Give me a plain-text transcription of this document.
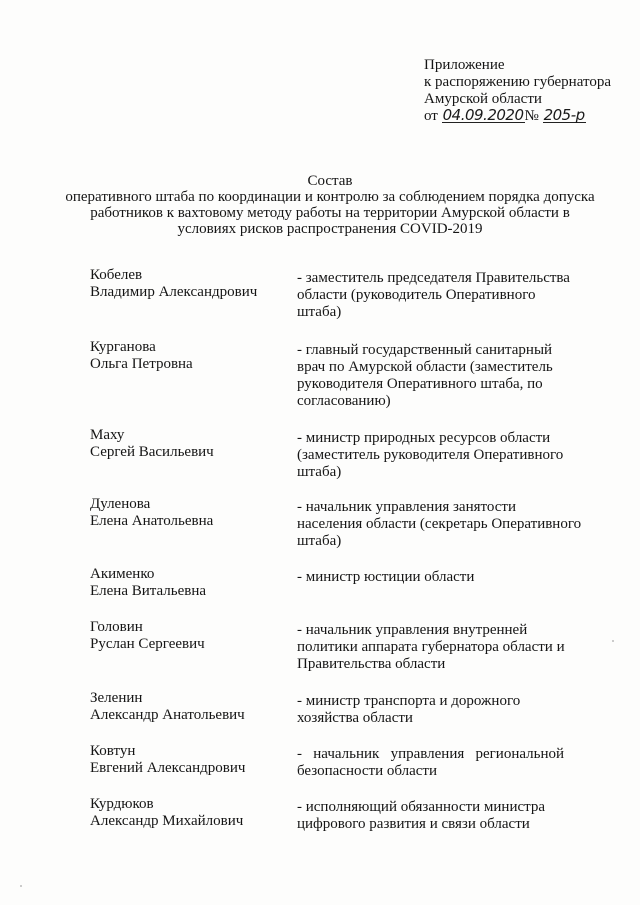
Приложение
к распоряжению губернатора
Амурской области
от 04.09.2020№ 205-р
Состав
оперативного штаба по координации и контролю за соблюдением порядка допуска работников к вахтовому методу работы на территории Амурской области в условиях рисков распространения COVID-2019
Кобелев
Владимир Александрович
- заместитель председателя Правительства области (руководитель Оперативного штаба)
Курганова
Ольга Петровна
- главный государственный санитарный врач по Амурской области (заместитель руководителя Оперативного штаба, по согласованию)
Маху
Сергей Васильевич
- министр природных ресурсов области (заместитель руководителя Оперативного штаба)
Дуленова
Елена Анатольевна
- начальник управления занятости населения области (секретарь Оперативного штаба)
Акименко
Елена Витальевна
- министр юстиции области
Головин
Руслан Сергеевич
- начальник управления внутренней политики аппарата губернатора области и Правительства области
Зеленин
Александр Анатольевич
- министр транспорта и дорожного хозяйства области
Ковтун
Евгений Александрович
-   начальник   управления   региональной
безопасности области
Курдюков
Александр Михайлович
- исполняющий обязанности министра цифрового развития и связи области
